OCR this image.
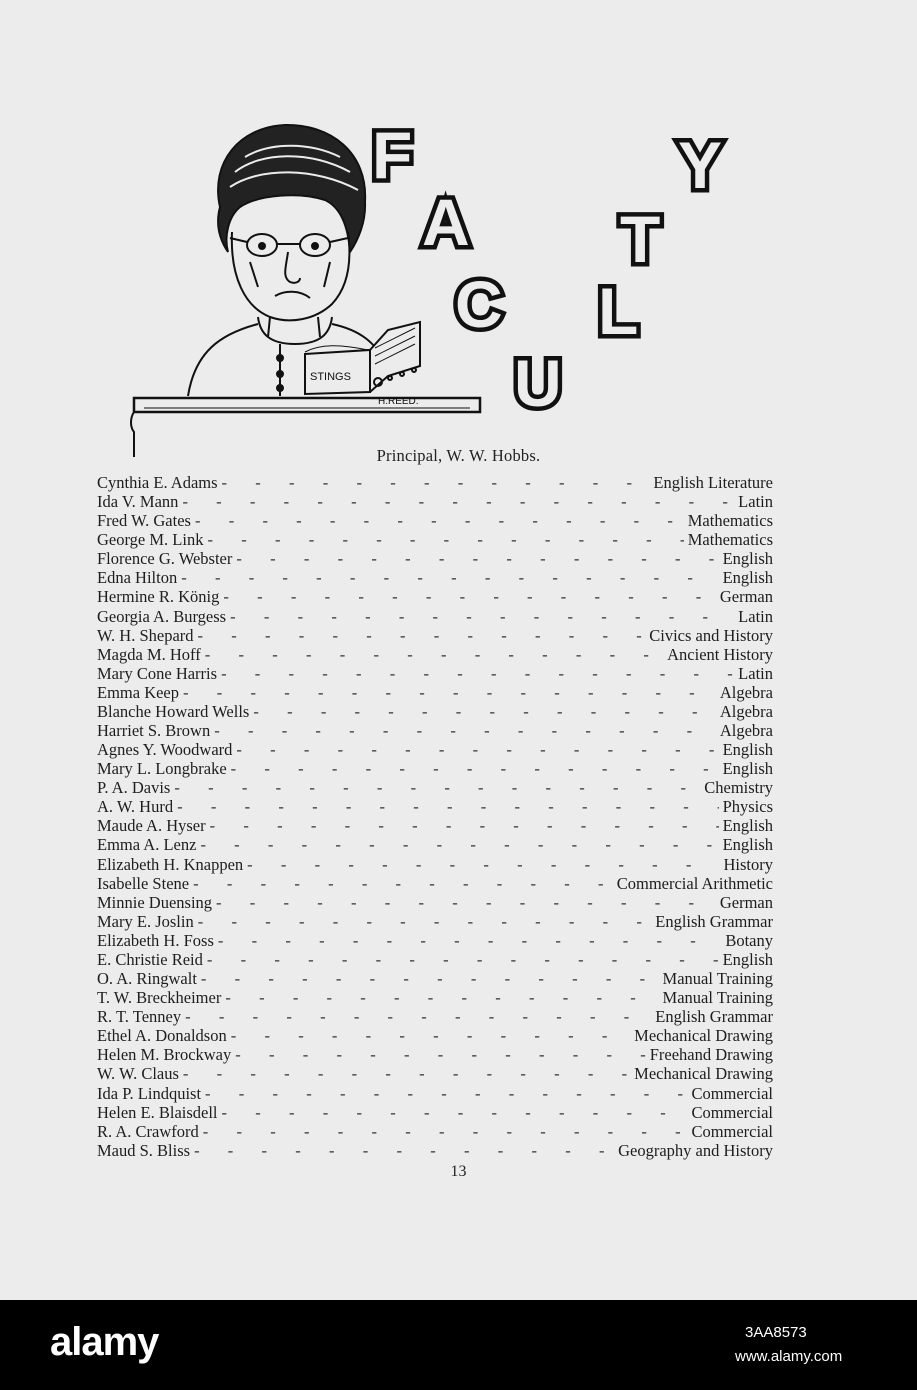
STINGS
H.REED.
F
A
C
U
L
T
Y
Principal, W. W. Hobbs.
Cynthia E. Adams - -	English Literature
Ida V. Mann - -	Latin
Fred W. Gates - -	Mathematics
George M. Link - -	Mathematics
Florence G. Webster - -	English
Edna Hilton - -	English
Hermine R. König - -	German
Georgia A. Burgess - -	Latin
W. H. Shepard - -	Civics and History
Magda M. Hoff - -	Ancient History
Mary Cone Harris - -	Latin
Emma Keep - -	Algebra
Blanche Howard Wells - -	Algebra
Harriet S. Brown - -	Algebra
Agnes Y. Woodward - -	English
Mary L. Longbrake - -	English
P. A. Davis - -	Chemistry
A. W. Hurd - -	Physics
Maude A. Hyser - -	English
Emma A. Lenz - -	English
Elizabeth H. Knappen - -	History
Isabelle Stene - -	Commercial Arithmetic
Minnie Duensing - -	German
Mary E. Joslin - -	English Grammar
Elizabeth H. Foss - -	Botany
E. Christie Reid - -	English
O. A. Ringwalt - -	Manual Training
T. W. Breckheimer - -	Manual Training
R. T. Tenney - -	English Grammar
Ethel A. Donaldson - -	Mechanical Drawing
Helen M. Brockway - -	Freehand Drawing
W. W. Claus - -	Mechanical Drawing
Ida P. Lindquist - -	Commercial
Helen E. Blaisdell - -	Commercial
R. A. Crawford - -	Commercial
Maud S. Bliss - -	Geography and History
13
alamy	3AA8573
www.alamy.com
